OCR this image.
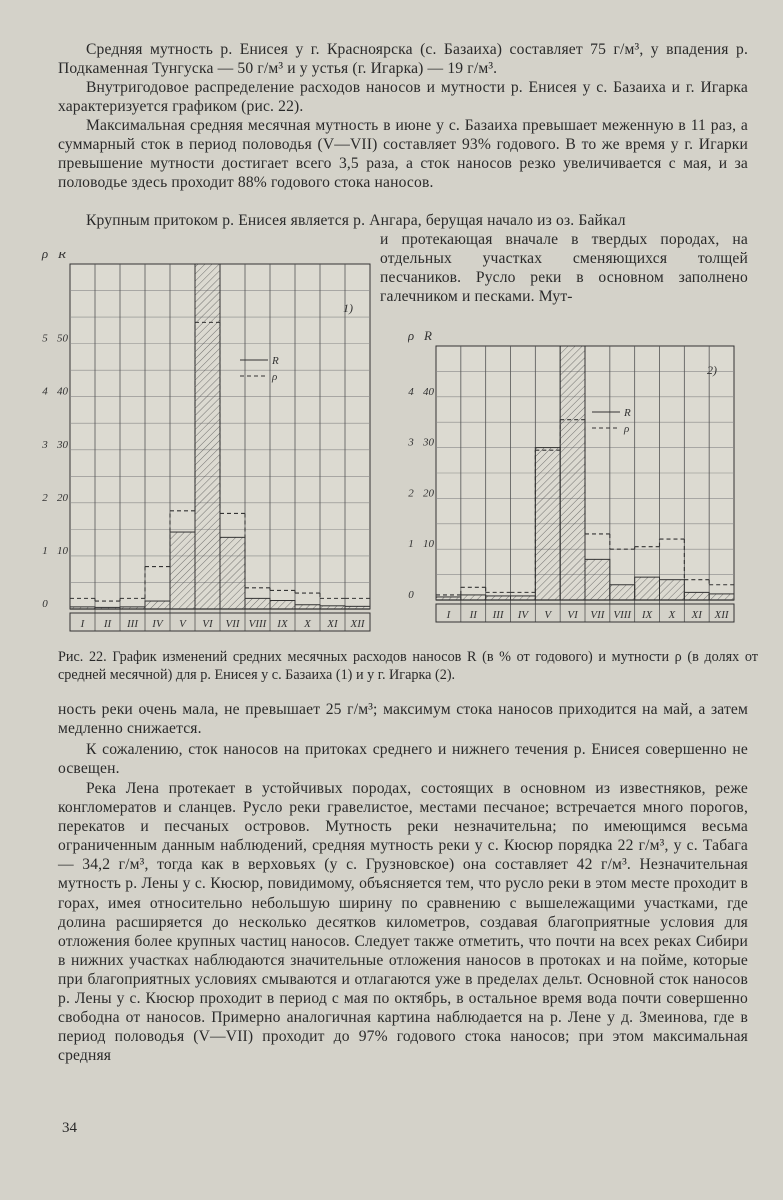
Средняя мутность р. Енисея у г. Красноярска (с. Базаиха) составляет 75 г/м³, у впадения р. Подкаменная Тунгуска — 50 г/м³ и у устья (г. Игарка) — 19 г/м³.

Внутригодовое распределение расходов наносов и мутности р. Енисея у с. Базаиха и г. Игарка характеризуется графиком (рис. 22).

Максимальная средняя месячная мутность в июне у с. Базаиха превышает меженную в 11 раз, а суммарный сток в период половодья (V—VII) составляет 93% годового. В то же время у г. Игарки превышение мутности достигает всего 3,5 раза, а сток наносов резко увеличивается с мая, и за половодье здесь проходит 88% годового стока наносов.

Крупным притоком р. Енисея является р. Ангара, берущая начало из оз. Байкал

и протекающая вначале в твердых породах, на отдельных участках сменяющихся толщей песчаников. Русло реки в основном заполнено галечником и песками. Мут-

I II III IV V VI VII VIII IX X XI XII
10
20
30
40
50
0
1
2
3
4
5
ρ R
1)
R
ρ
I II III IV V VI VII VIII IX X XI XII
10
20
30
40
0
1
2
3
4
ρ R
2)
R
ρ

Рис. 22. График изменений средних месячных расходов наносов R (в % от годового) и мутности ρ (в долях от средней месячной) для р. Енисея у с. Базаиха (1) и у г. Игарка (2).

ность реки очень мала, не превышает 25 г/м³; максимум стока наносов приходится на май, а затем медленно снижается.

К сожалению, сток наносов на притоках среднего и нижнего течения р. Енисея совершенно не освещен.

Река Лена протекает в устойчивых породах, состоящих в основном из известняков, реже конгломератов и сланцев. Русло реки гравелистое, местами песчаное; встречается много порогов, перекатов и песчаных островов. Мутность реки незначительна; по имеющимся весьма ограниченным данным наблюдений, средняя мутность реки у с. Кюсюр порядка 22 г/м³, у с. Табага — 34,2 г/м³, тогда как в верховьях (у с. Грузновское) она составляет 42 г/м³. Незначительная мутность р. Лены у с. Кюсюр, повидимому, объясняется тем, что русло реки в этом месте проходит в горах, имея относительно небольшую ширину по сравнению с вышележащими участками, где долина расширяется до несколько десятков километров, создавая благоприятные условия для отложения более крупных частиц наносов. Следует также отметить, что почти на всех реках Сибири в нижних участках наблюдаются значительные отложения наносов в протоках и на пойме, которые при благоприятных условиях смываются и отлагаются уже в пределах дельт. Основной сток наносов р. Лены у с. Кюсюр проходит в период с мая по октябрь, в остальное время вода почти совершенно свободна от наносов. Примерно аналогичная картина наблюдается на р. Лене у д. Змеинова, где в период половодья (V—VII) проходит до 97% годового стока наносов; при этом максимальная средняя

34
